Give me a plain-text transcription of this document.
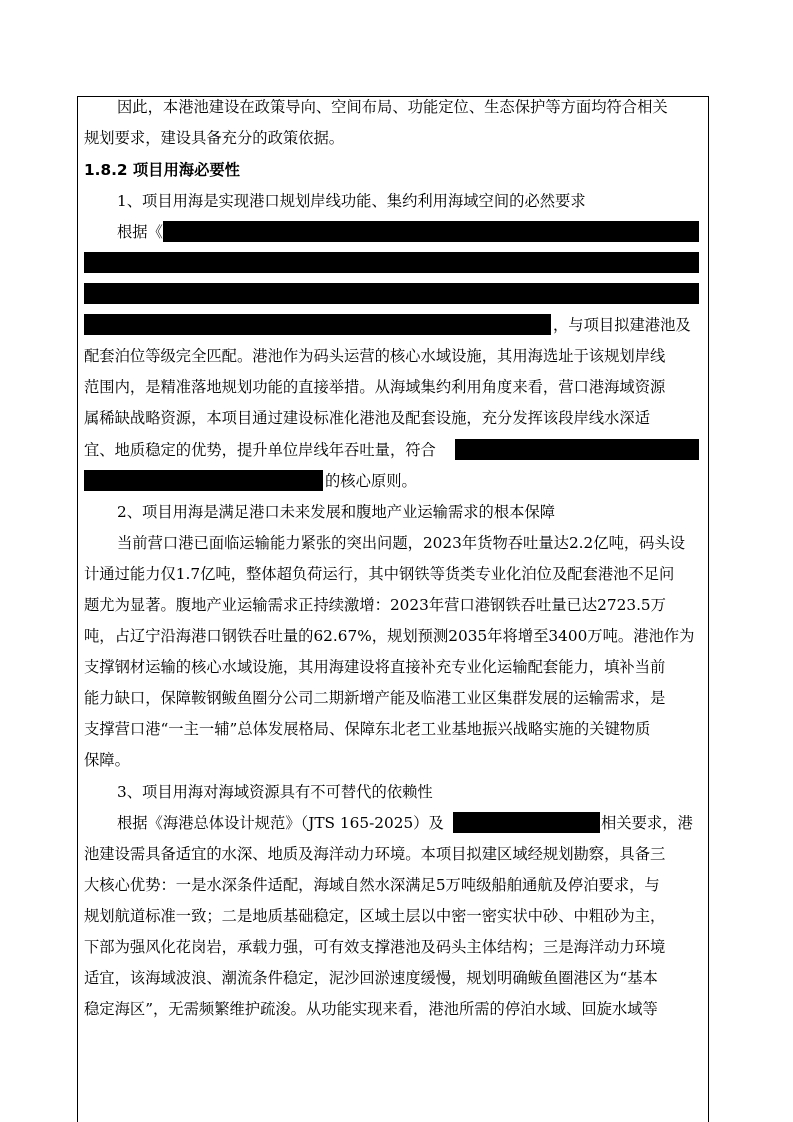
因此，本港池建设在政策导向、空间布局、功能定位、生态保护等方面均符合相关
规划要求，建设具备充分的政策依据。
1.8.2 项目用海必要性
1、项目用海是实现港口规划岸线功能、集约利用海域空间的必然要求
根据《
，与项目拟建港池及
配套泊位等级完全匹配。港池作为码头运营的核心水域设施，其用海选址于该规划岸线
范围内，是精准落地规划功能的直接举措。从海域集约利用角度来看，营口港海域资源
属稀缺战略资源，本项目通过建设标准化港池及配套设施，充分发挥该段岸线水深适
宜、地质稳定的优势，提升单位岸线年吞吐量，符合
的核心原则。
2、项目用海是满足港口未来发展和腹地产业运输需求的根本保障
当前营口港已面临运输能力紧张的突出问题，2023年货物吞吐量达2.2亿吨，码头设
计通过能力仅1.7亿吨，整体超负荷运行，其中钢铁等货类专业化泊位及配套港池不足问
题尤为显著。腹地产业运输需求正持续激增：2023年营口港钢铁吞吐量已达2723.5万
吨，占辽宁沿海港口钢铁吞吐量的62.67%，规划预测2035年将增至3400万吨。港池作为
支撑钢材运输的核心水域设施，其用海建设将直接补充专业化运输配套能力，填补当前
能力缺口，保障鞍钢鲅鱼圈分公司二期新增产能及临港工业区集群发展的运输需求，是
支撑营口港“一主一辅”总体发展格局、保障东北老工业基地振兴战略实施的关键物质
保障。
3、项目用海对海域资源具有不可替代的依赖性
根据《海港总体设计规范》（JTS 165-2025）及	相关要求，港
池建设需具备适宜的水深、地质及海洋动力环境。本项目拟建区域经规划勘察，具备三
大核心优势：一是水深条件适配，海域自然水深满足5万吨级船舶通航及停泊要求，与
规划航道标准一致；二是地质基础稳定，区域土层以中密一密实状中砂、中粗砂为主，
下部为强风化花岗岩，承载力强，可有效支撑港池及码头主体结构；三是海洋动力环境
适宜，该海域波浪、潮流条件稳定，泥沙回淤速度缓慢，规划明确鲅鱼圈港区为“基本
稳定海区”，无需频繁维护疏浚。从功能实现来看，港池所需的停泊水域、回旋水域等
